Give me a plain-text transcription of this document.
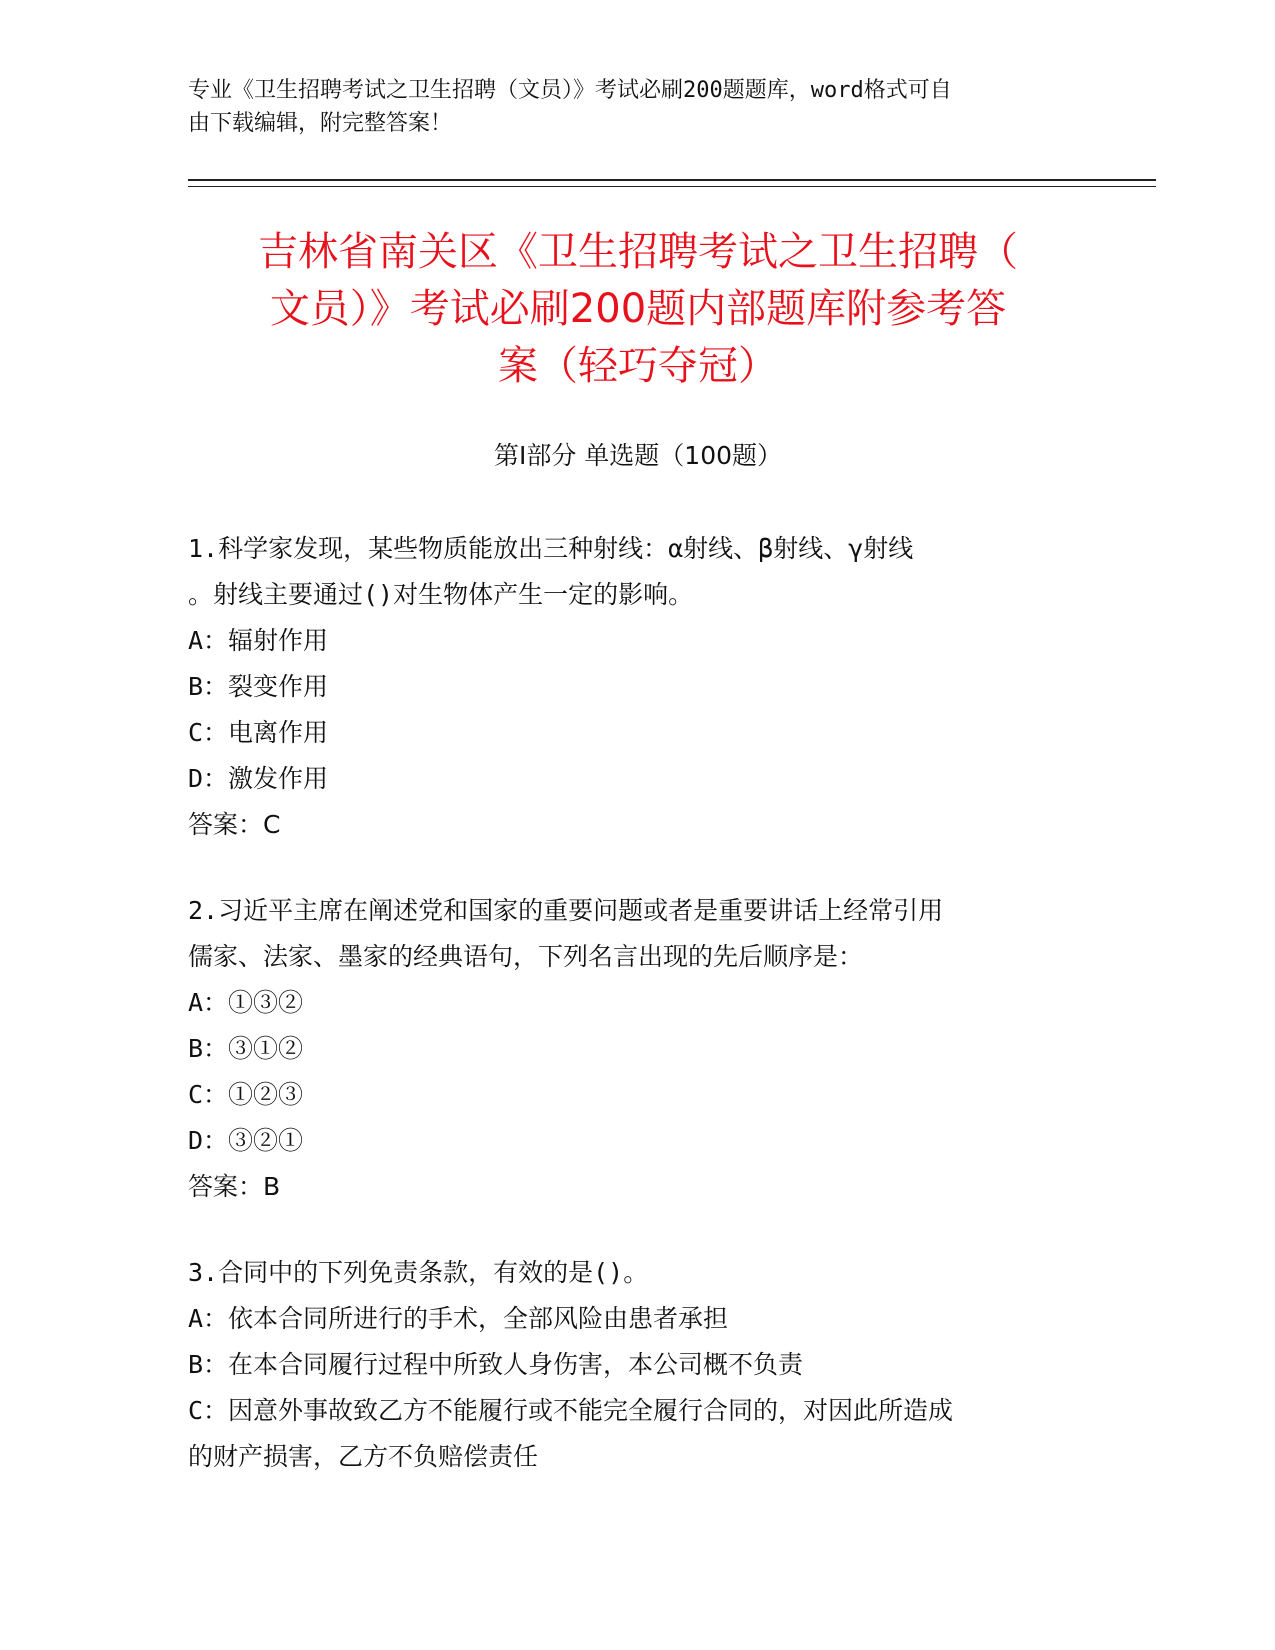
专业《卫生招聘考试之卫生招聘（文员）》考试必刷200题题库，word格式可自
由下载编辑，附完整答案！
吉林省南关区《卫生招聘考试之卫生招聘（
文员）》考试必刷200题内部题库附参考答
案（轻巧夺冠）
第Ⅰ部分 单选题（100题）
1.科学家发现，某些物质能放出三种射线：α射线、β射线、γ射线
。射线主要通过()对生物体产生一定的影响。
A：辐射作用
B：裂变作用
C：电离作用
D：激发作用
答案：C
2.习近平主席在阐述党和国家的重要问题或者是重要讲话上经常引用
儒家、法家、墨家的经典语句，下列名言出现的先后顺序是：
A：①③②
B：③①②
C：①②③
D：③②①
答案：B
3.合同中的下列免责条款，有效的是()。
A：依本合同所进行的手术，全部风险由患者承担
B：在本合同履行过程中所致人身伤害，本公司概不负责
C：因意外事故致乙方不能履行或不能完全履行合同的，对因此所造成
的财产损害，乙方不负赔偿责任
